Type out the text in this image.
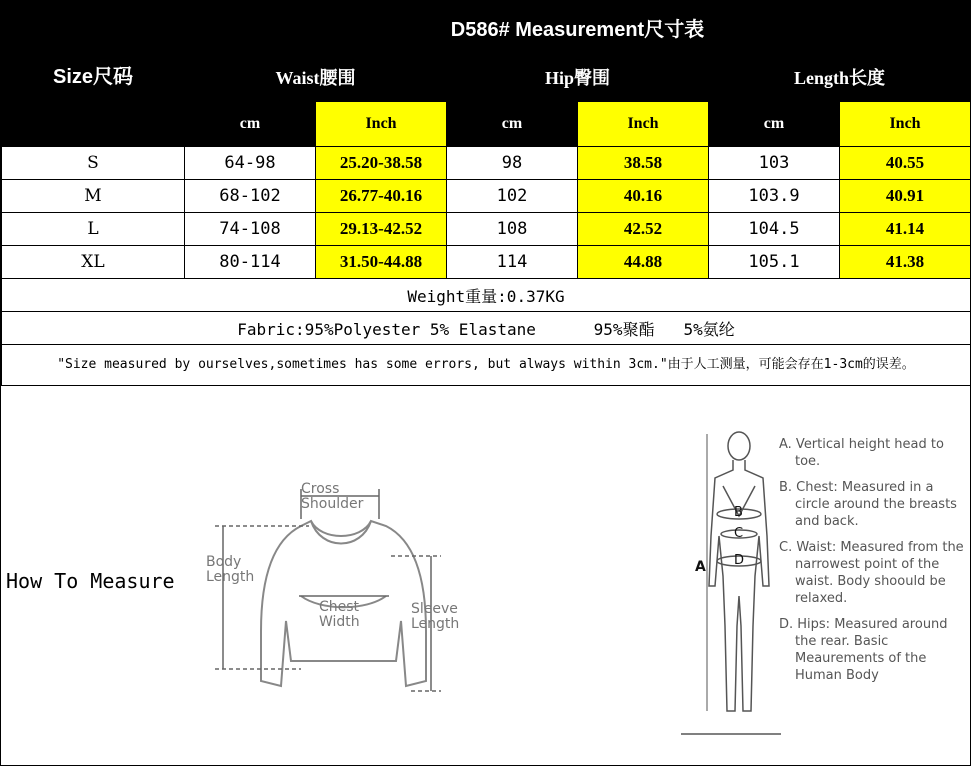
Size尺码	D586# Measurement尺寸表					
	Waist腰围		Hip臀围		Length长度	
	cm	Inch	cm	Inch	cm	Inch
S	64-98	25.20-38.58	98	38.58	103	40.55
M	68-102	26.77-40.16	102	40.16	103.9	40.91
L	74-108	29.13-42.52	108	42.52	104.5	41.14
XL	80-114	31.50-44.88	114	44.88	105.1	41.38
Weight重量:0.37KG						
Fabric:95%Polyester 5% Elastane      95%聚酯   5%氨纶						
"Size measured by ourselves,sometimes has some errors, but always within 3cm."由于人工测量，可能会存在1-3cm的误差。						
How To Measure
Cross
Shoulder
Body
Length
Chest
Width
Sleeve
Length
A
B
C
D

A. Vertical height head to toe.

B. Chest: Measured in a circle around the breasts and back.

C. Waist: Measured from the narrowest point of the waist. Body shoould be relaxed.

D. Hips: Measured around the rear. Basic Meaurements of the Human Body
